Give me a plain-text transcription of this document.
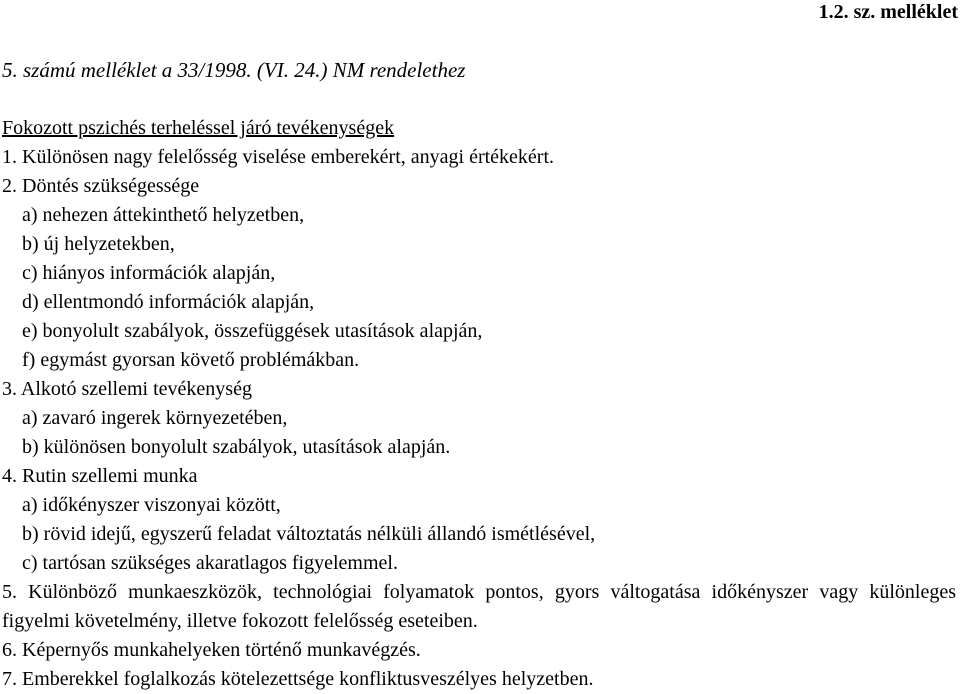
1.2. sz. melléklet
5. számú melléklet a 33/1998. (VI. 24.) NM rendelethez
Fokozott pszichés terheléssel járó tevékenységek
1. Különösen nagy felelősség viselése emberekért, anyagi értékekért.
2. Döntés szükségessége
a) nehezen áttekinthető helyzetben,
b) új helyzetekben,
c) hiányos információk alapján,
d) ellentmondó információk alapján,
e) bonyolult szabályok, összefüggések utasítások alapján,
f) egymást gyorsan követő problémákban.
3. Alkotó szellemi tevékenység
a) zavaró ingerek környezetében,
b) különösen bonyolult szabályok, utasítások alapján.
4. Rutin szellemi munka
a) időkényszer viszonyai között,
b) rövid idejű, egyszerű feladat változtatás nélküli állandó ismétlésével,
c) tartósan szükséges akaratlagos figyelemmel.
5. Különböző munkaeszközök, technológiai folyamatok pontos, gyors váltogatása időkényszer vagy különleges figyelmi követelmény, illetve fokozott felelősség eseteiben.
6. Képernyős munkahelyeken történő munkavégzés.
7. Emberekkel foglalkozás kötelezettsége konfliktusveszélyes helyzetben.
